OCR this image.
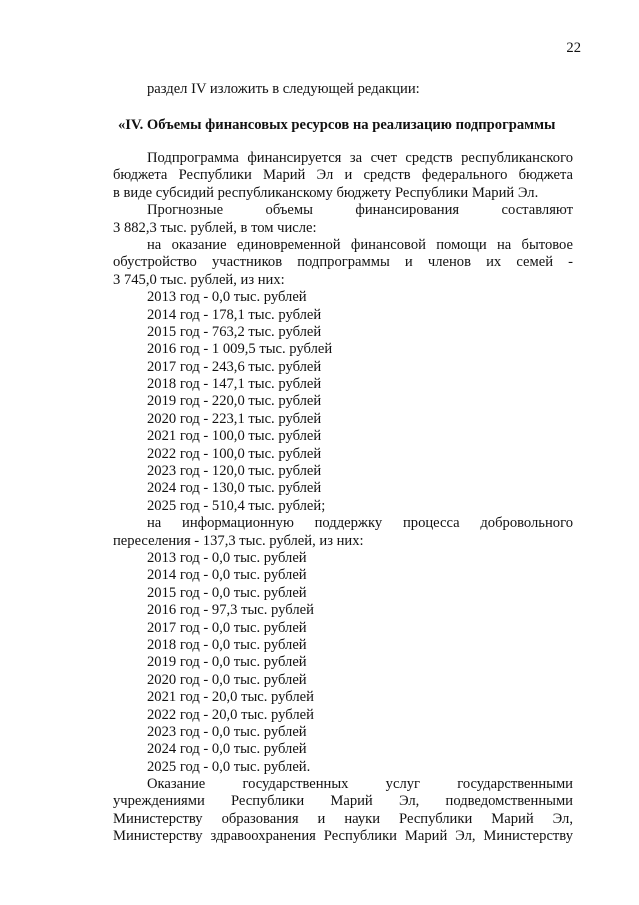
22
раздел IV изложить в следующей редакции:
«IV. Объемы финансовых ресурсов на реализацию подпрограммы
Подпрограмма финансируется за счет средств республиканского
бюджета Республики Марий Эл и средств федерального бюджета
в виде субсидий республиканскому бюджету Республики Марий Эл.
Прогнозные объемы финансирования составляют
3 882,3 тыс. рублей, в том числе:
на оказание единовременной финансовой помощи на бытовое
обустройство участников подпрограммы и членов их семей -
3 745,0 тыс. рублей, из них:
2013 год - 0,0 тыс. рублей
2014 год - 178,1 тыс. рублей
2015 год - 763,2 тыс. рублей
2016 год - 1 009,5 тыс. рублей
2017 год - 243,6 тыс. рублей
2018 год - 147,1 тыс. рублей
2019 год - 220,0 тыс. рублей
2020 год - 223,1 тыс. рублей
2021 год - 100,0 тыс. рублей
2022 год - 100,0 тыс. рублей
2023 год - 120,0 тыс. рублей
2024 год - 130,0 тыс. рублей
2025 год - 510,4 тыс. рублей;
на информационную поддержку процесса добровольного
переселения - 137,3 тыс. рублей, из них:
2013 год - 0,0 тыс. рублей
2014 год - 0,0 тыс. рублей
2015 год - 0,0 тыс. рублей
2016 год - 97,3 тыс. рублей
2017 год - 0,0 тыс. рублей
2018 год - 0,0 тыс. рублей
2019 год - 0,0 тыс. рублей
2020 год - 0,0 тыс. рублей
2021 год - 20,0 тыс. рублей
2022 год - 20,0 тыс. рублей
2023 год - 0,0 тыс. рублей
2024 год - 0,0 тыс. рублей
2025 год - 0,0 тыс. рублей.
Оказание государственных услуг государственными
учреждениями Республики Марий Эл, подведомственными
Министерству образования и науки Республики Марий Эл,
Министерству здравоохранения Республики Марий Эл, Министерству
